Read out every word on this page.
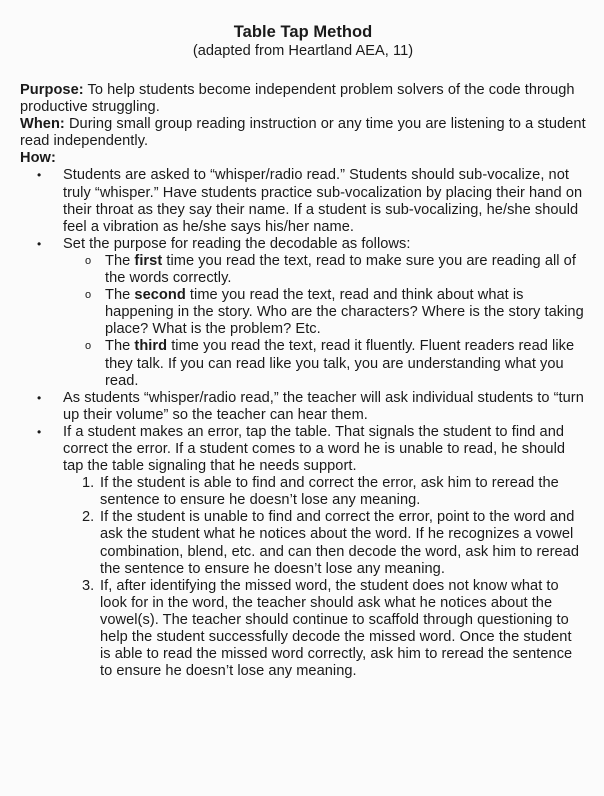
Table Tap Method

(adapted from Heartland AEA, 11)

Purpose: To help students become independent problem solvers of the code through productive struggling.

When: During small group reading instruction or any time you are listening to a student read independently.

How:

• Students are asked to “whisper/radio read.” Students should sub-vocalize, not truly “whisper.” Have students practice sub-vocalization by placing their hand on their throat as they say their name. If a student is sub-vocalizing, he/she should feel a vibration as he/she says his/her name.
• Set the purpose for reading the decodable as follows:
o The first time you read the text, read to make sure you are reading all of the words correctly.
o The second time you read the text, read and think about what is happening in the story. Who are the characters? Where is the story taking place? What is the problem? Etc.
o The third time you read the text, read it fluently. Fluent readers read like they talk. If you can read like you talk, you are understanding what you read.
• As students “whisper/radio read,” the teacher will ask individual students to “turn up their volume” so the teacher can hear them.
• If a student makes an error, tap the table. That signals the student to find and correct the error. If a student comes to a word he is unable to read, he should tap the table signaling that he needs support.
1. If the student is able to find and correct the error, ask him to reread the sentence to ensure he doesn’t lose any meaning.
2. If the student is unable to find and correct the error, point to the word and ask the student what he notices about the word. If he recognizes a vowel combination, blend, etc. and can then decode the word, ask him to reread the sentence to ensure he doesn’t lose any meaning.
3. If, after identifying the missed word, the student does not know what to look for in the word, the teacher should ask what he notices about the vowel(s). The teacher should continue to scaffold through questioning to help the student successfully decode the missed word. Once the student is able to read the missed word correctly, ask him to reread the sentence to ensure he doesn’t lose any meaning.
